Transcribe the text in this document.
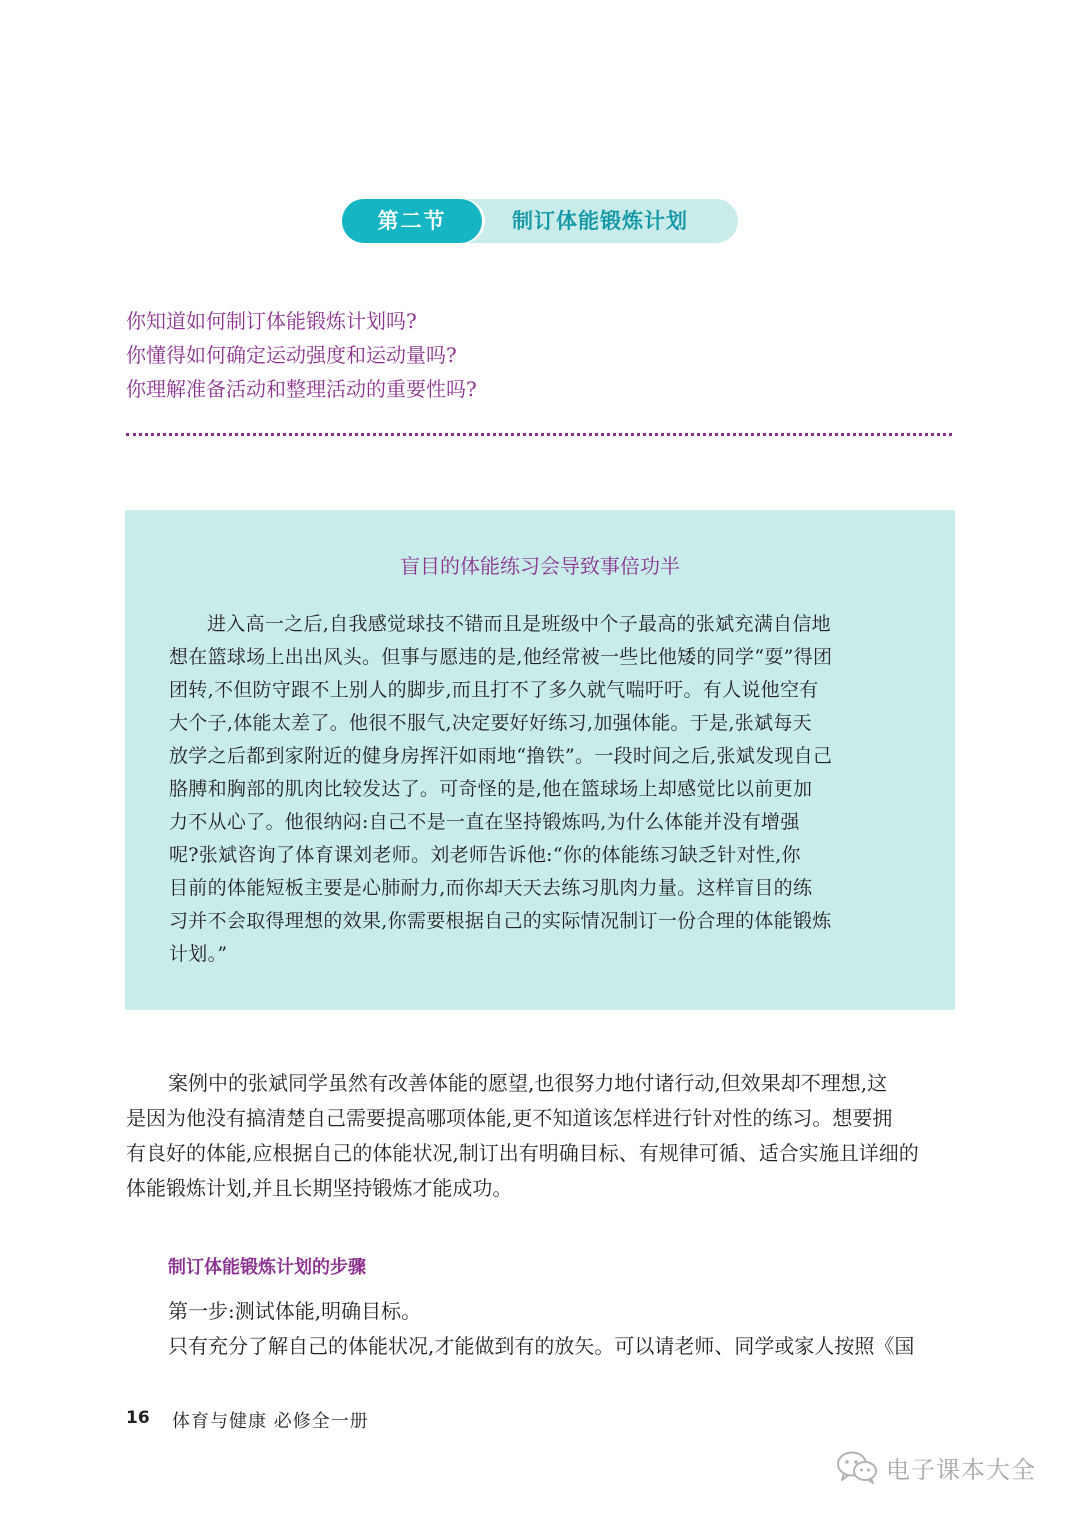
第二节	制订体能锻炼计划
你知道如何制订体能锻炼计划吗?
你懂得如何确定运动强度和运动量吗?
你理解准备活动和整理活动的重要性吗?
盲目的体能练习会导致事倍功半
进入高一之后,自我感觉球技不错而且是班级中个子最高的张斌充满自信地
想在篮球场上出出风头。但事与愿违的是,他经常被一些比他矮的同学“耍”得团
团转,不但防守跟不上别人的脚步,而且打不了多久就气喘吁吁。有人说他空有
大个子,体能太差了。他很不服气,决定要好好练习,加强体能。于是,张斌每天
放学之后都到家附近的健身房挥汗如雨地“撸铁”。一段时间之后,张斌发现自己
胳膊和胸部的肌肉比较发达了。可奇怪的是,他在篮球场上却感觉比以前更加
力不从心了。他很纳闷:自己不是一直在坚持锻炼吗,为什么体能并没有增强
呢?张斌咨询了体育课刘老师。刘老师告诉他:“你的体能练习缺乏针对性,你
目前的体能短板主要是心肺耐力,而你却天天去练习肌肉力量。这样盲目的练
习并不会取得理想的效果,你需要根据自己的实际情况制订一份合理的体能锻炼
计划。”
案例中的张斌同学虽然有改善体能的愿望,也很努力地付诸行动,但效果却不理想,这
是因为他没有搞清楚自己需要提高哪项体能,更不知道该怎样进行针对性的练习。想要拥
有良好的体能,应根据自己的体能状况,制订出有明确目标、有规律可循、适合实施且详细的
体能锻炼计划,并且长期坚持锻炼才能成功。
制订体能锻炼计划的步骤
第一步:测试体能,明确目标。
只有充分了解自己的体能状况,才能做到有的放矢。可以请老师、同学或家人按照《国
16 体育与健康 必修全一册
电子课本大全
